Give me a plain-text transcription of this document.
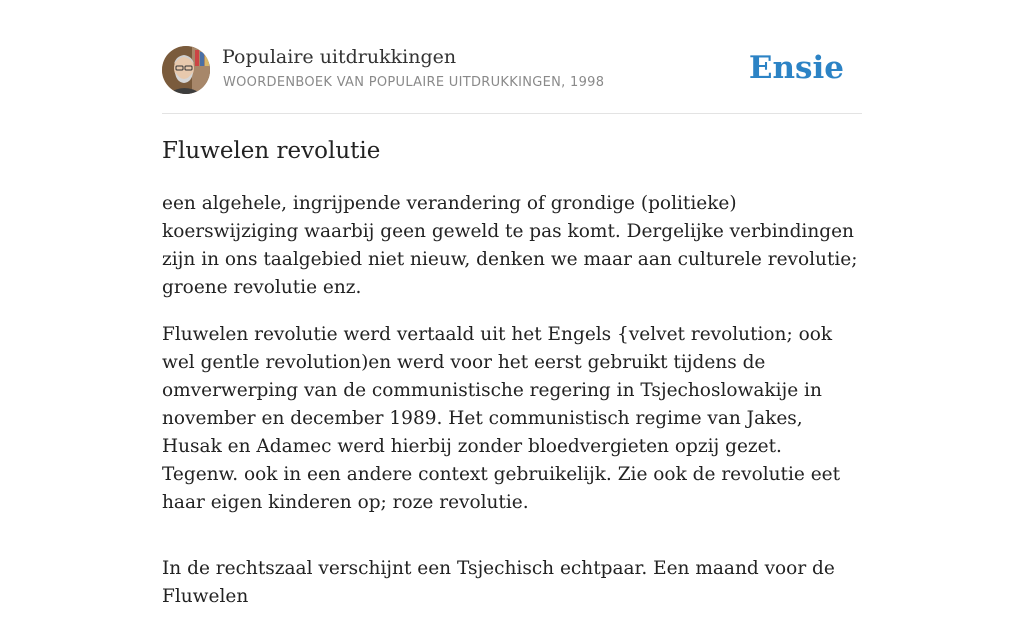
Populaire uitdrukkingen
WOORDENBOEK VAN POPULAIRE UITDRUKKINGEN, 1998	Ensie
Fluwelen revolutie

een algehele, ingrijpende verandering of grondige (politieke) koerswijziging waarbij geen geweld te pas komt. Dergelijke verbindingen zijn in ons taalgebied niet nieuw, denken we maar aan culturele revolutie; groene revolutie enz.

Fluwelen revolutie werd vertaald uit het Engels {velvet revolution; ook wel gentle revolution)en werd voor het eerst gebruikt tijdens de omverwerping van de communistische regering in Tsjechoslowakije in november en december 1989. Het communistisch regime van Jakes, Husak en Adamec werd hierbij zonder bloedvergieten opzij gezet. Tegenw. ook in een andere context gebruikelijk. Zie ook de revolutie eet haar eigen kinderen op; roze revolutie.

In de rechtszaal verschijnt een Tsjechisch echtpaar. Een maand voor de Fluwelen
